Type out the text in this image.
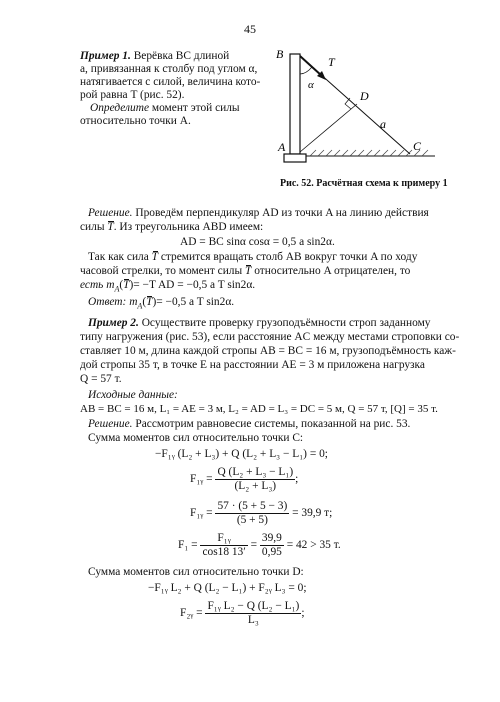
45
Пример 1. Верёвка BC длиной
a, привязанная к столбу под углом α,
натягивается с силой, величина кото-
рой равна T (рис. 52).
Определите момент этой силы
относительно точки A.
B
T
α
D
a
A	C
Рис. 52. Расчётная схема к примеру 1
Решение. Проведём перпендикуляр AD из точки A на линию действия
силы T. Из треугольника ABD имеем:
AD = BC sinα cosα = 0,5 a sin2α.
Так как сила T стремится вращать столб AB вокруг точки A по ходу
часовой стрелки, то момент силы T относительно A отрицателен, то
есть $m_A(T)= -T$ AD = −0,5 a T sin2α.
Ответ: $m_A(T)= -0,5$ a T sin2α.
Пример 2. Осуществите проверку грузоподъёмности строп заданному
типу нагружения (рис. 53), если расстояние AC между местами строповки со-
ставляет 10 м, длина каждой стропы AB = BC = 16 м, грузоподъёмность каж-
дой стропы 35 т, в точке E на расстоянии AE = 3 м приложена нагрузка
Q = 57 т.
Исходные данные:
AB = BC = 16 м, L₁ = AE = 3 м, L₂ = AD = L₃ = DC = 5 м, Q = 57 т, [Q] = 35 т.
Решение. Рассмотрим равновесие системы, показанной на рис. 53.
Сумма моментов сил относительно точки C:
−F₁ᵧ (L₂ + L₃) + Q (L₂ + L₃ − L₁) = 0;
F₁ᵧ = $\frac{\text{Q (L₂ + L₃ − L₁)}}{\text{(L₂ + L₃)}}$ ;
F₁ᵧ = $\frac{57 \cdot (5 + 5 - 3)}{(5 + 5)} = 39,9$ т;
$F_1 = \frac{\text{F₁ᵧ}}{\cos 18 13'} = \frac{39,9}{0,95} = 42 > 35$ т.
Сумма моментов сил относительно точки D:
−F₁ᵧ L₂ + Q (L₂ − L₁) + F₂ᵧ L₃ = 0;
F₂ᵧ = $\frac{\text{F₁ᵧ L₂ − Q (L₂ − L₁)}}{\text{L₃}}$ ;
